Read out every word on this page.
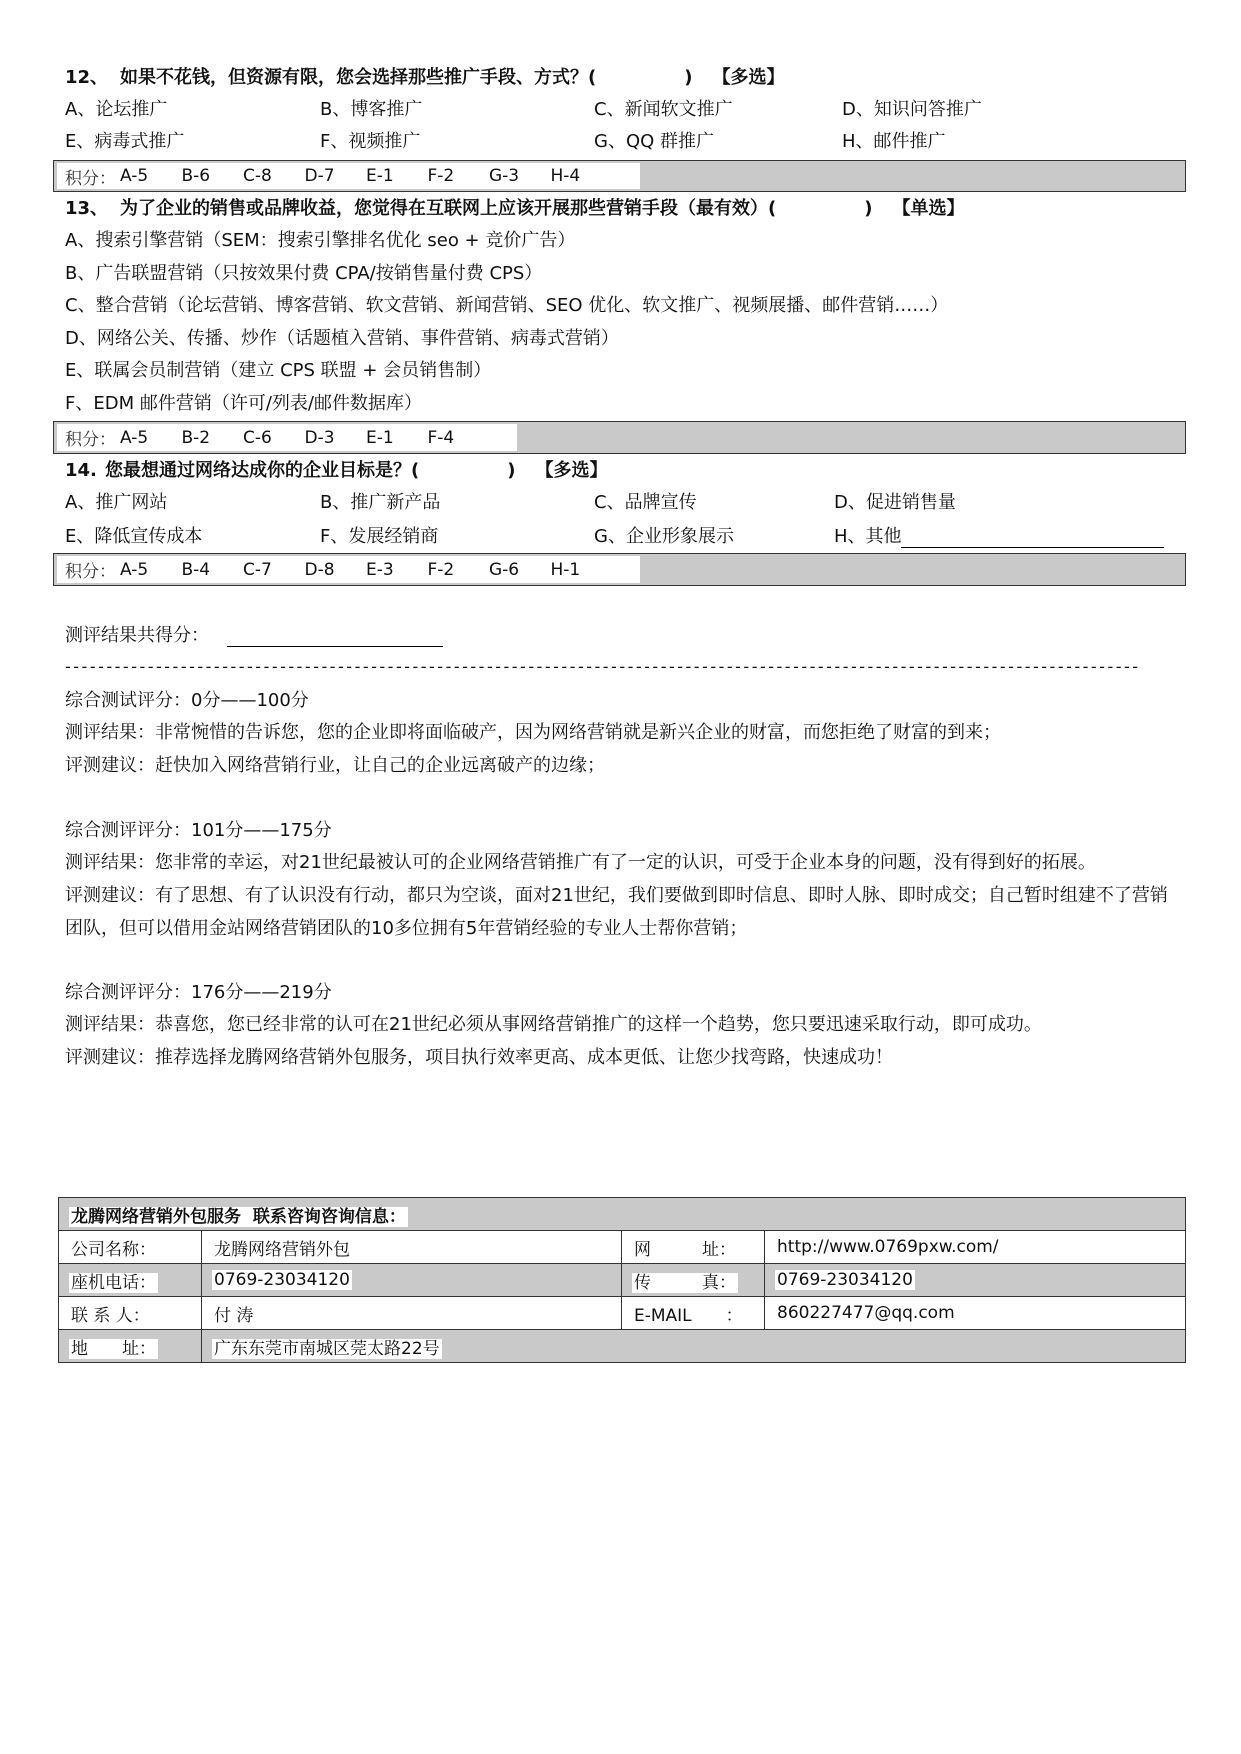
12、 如果不花钱，但资源有限，您会选择那些推广手段、方式？(	) 【多选】
A、论坛推广	B、博客推广	C、新闻软文推广	D、知识问答推广
E、病毒式推广	F、视频推广	G、QQ 群推广	H、邮件推广
积分： A-5	B-6	C-8	D-7	E-1	F-2	G-3	H-4
13、 为了企业的销售或品牌收益，您觉得在互联网上应该开展那些营销手段（最有效）(	) 【单选】
A、搜索引擎营销（SEM：搜索引擎排名优化 seo + 竞价广告）
B、广告联盟营销（只按效果付费 CPA/按销售量付费 CPS）
C、整合营销（论坛营销、博客营销、软文营销、新闻营销、SEO 优化、软文推广、视频展播、邮件营销……）
D、网络公关、传播、炒作（话题植入营销、事件营销、病毒式营销）
E、联属会员制营销（建立 CPS 联盟 + 会员销售制）
F、EDM 邮件营销（许可/列表/邮件数据库）
积分： A-5	B-2	C-6	D-3	E-1	F-4
14. 您最想通过网络达成你的企业目标是？(	) 【多选】
A、推广网站	B、推广新产品	C、品牌宣传	D、促进销售量
E、降低宣传成本	F、发展经销商	G、企业形象展示	H、其他
积分： A-5	B-4	C-7	D-8	E-3	F-2	G-6	H-1
测评结果共得分：
----------------------------------------------------------------------------------------------------------------------------------
综合测试评分：0分——100分
测评结果：非常惋惜的告诉您，您的企业即将面临破产，因为网络营销就是新兴企业的财富，而您拒绝了财富的到来；
评测建议：赶快加入网络营销行业，让自己的企业远离破产的边缘；
综合测评评分：101分——175分
测评结果：您非常的幸运，对21世纪最被认可的企业网络营销推广有了一定的认识，可受于企业本身的问题，没有得到好的拓展。
评测建议：有了思想、有了认识没有行动，都只为空谈，面对21世纪，我们要做到即时信息、即时人脉、即时成交；自己暂时组建不了营销团队，但可以借用金站网络营销团队的10多位拥有5年营销经验的专业人士帮你营销；
综合测评评分：176分——219分
测评结果：恭喜您，您已经非常的认可在21世纪必须从事网络营销推广的这样一个趋势，您只要迅速采取行动，即可成功。
评测建议：推荐选择龙腾网络营销外包服务，项目执行效率更高、成本更低、让您少找弯路，快速成功！
龙腾网络营销外包服务  联系咨询咨询信息：			
公司名称：	龙腾网络营销外包	网　　　址：	http://www.0769pxw.com/
座机电话：	0769-23034120	传　　　真：	0769-23034120
联 系 人：	付 涛	E-MAIL　　：	860227477@qq.com
地　　址：	广东东莞市南城区莞太路22号		
